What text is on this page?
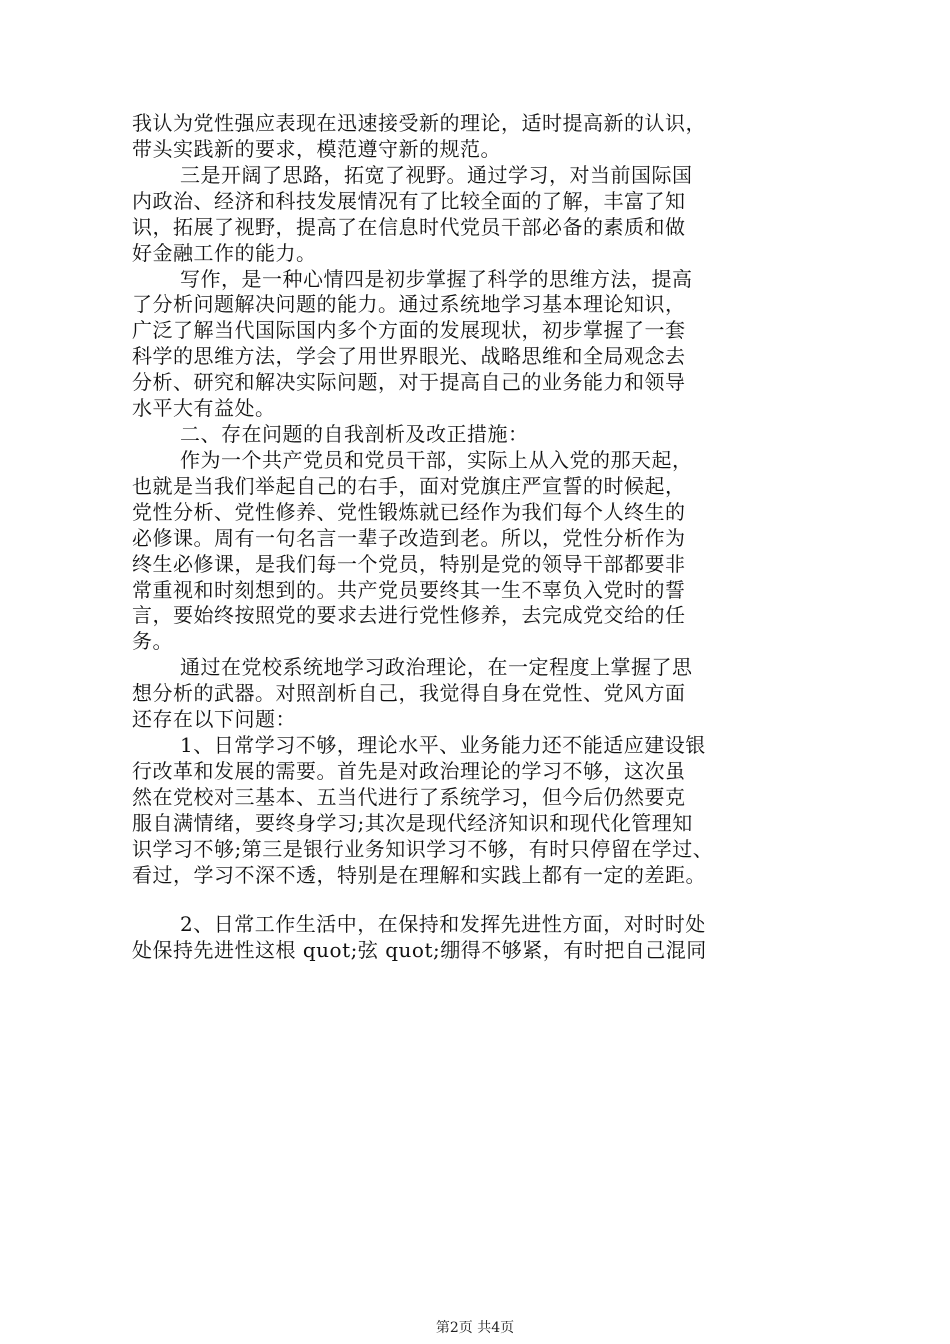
我认为党性强应表现在迅速接受新的理论，适时提高新的认识，
带头实践新的要求，模范遵守新的规范。
三是开阔了思路，拓宽了视野。通过学习，对当前国际国
内政治、经济和科技发展情况有了比较全面的了解，丰富了知
识，拓展了视野，提高了在信息时代党员干部必备的素质和做
好金融工作的能力。
写作，是一种心情四是初步掌握了科学的思维方法，提高
了分析问题解决问题的能力。通过系统地学习基本理论知识，
广泛了解当代国际国内多个方面的发展现状，初步掌握了一套
科学的思维方法，学会了用世界眼光、战略思维和全局观念去
分析、研究和解决实际问题，对于提高自己的业务能力和领导
水平大有益处。
二、存在问题的自我剖析及改正措施：
作为一个共产党员和党员干部，实际上从入党的那天起，
也就是当我们举起自己的右手，面对党旗庄严宣誓的时候起，
党性分析、党性修养、党性锻炼就已经作为我们每个人终生的
必修课。周有一句名言一辈子改造到老。所以，党性分析作为
终生必修课，是我们每一个党员，特别是党的领导干部都要非
常重视和时刻想到的。共产党员要终其一生不辜负入党时的誓
言，要始终按照党的要求去进行党性修养，去完成党交给的任
务。
通过在党校系统地学习政治理论，在一定程度上掌握了思
想分析的武器。对照剖析自己，我觉得自身在党性、党风方面
还存在以下问题：
1、日常学习不够，理论水平、业务能力还不能适应建设银
行改革和发展的需要。首先是对政治理论的学习不够，这次虽
然在党校对三基本、五当代进行了系统学习，但今后仍然要克
服自满情绪，要终身学习;其次是现代经济知识和现代化管理知
识学习不够;第三是银行业务知识学习不够，有时只停留在学过、
看过，学习不深不透，特别是在理解和实践上都有一定的差距。
2、日常工作生活中，在保持和发挥先进性方面，对时时处
处保持先进性这根 quot;弦 quot;绷得不够紧，有时把自己混同
第2页 共4页
